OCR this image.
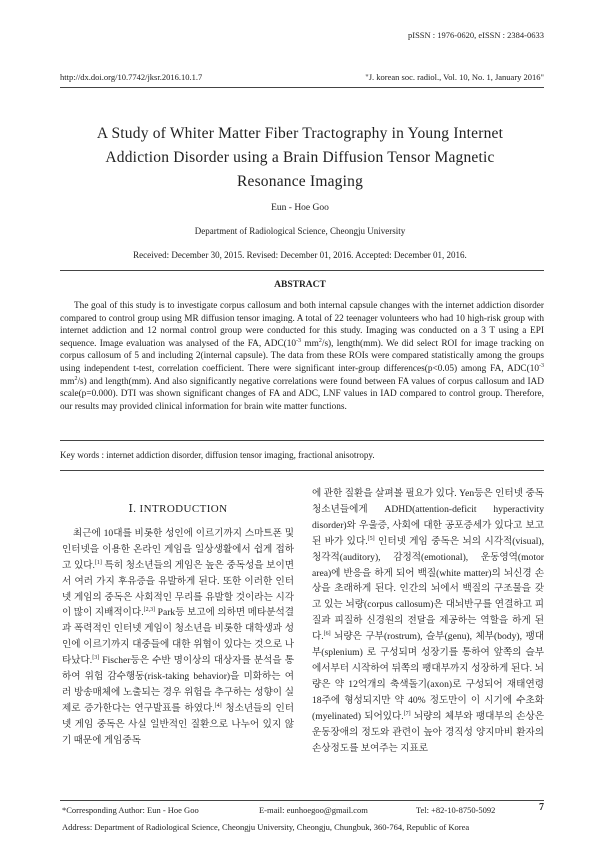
pISSN : 1976-0620, eISSN : 2384-0633
http://dx.doi.org/10.7742/jksr.2016.10.1.7	"J. korean soc. radiol., Vol. 10, No. 1, January 2016"
A Study of Whiter Matter Fiber Tractography in Young Internet Addiction Disorder using a Brain Diffusion Tensor Magnetic Resonance Imaging
Eun - Hoe Goo
Department of Radiological Science, Cheongju University
Received: December 30, 2015. Revised: December 01, 2016. Accepted: December 01, 2016.
ABSTRACT
The goal of this study is to investigate corpus callosum and both internal capsule changes with the internet addiction disorder compared to control group using MR diffusion tensor imaging. A total of 22 teenager volunteers who had 10 high-risk group with internet addiction and 12 normal control group were conducted for this study. Imaging was conducted on a 3 T using a EPI sequence. Image evaluation was analysed of the FA, $ADC(10^{-3}$ $mm^2/s$), length(mm). We did select ROI for image tracking on corpus callosum of 5 and including 2(internal capsule). The data from these ROIs were compared statistically among the groups using independent t-test, correlation coefficient. There were significant inter-group differences(p<0.05) among FA, $ADC(10^{-3}$ $mm^2/s$) and length(mm). And also significantly negative correlations were found between FA values of corpus callosum and IAD scale(p=0.000). DTI was shown significant changes of FA and ADC, LNF values in IAD compared to control group. Therefore, our results may provided clinical information for brain wite matter functions.
Key words : internet addiction disorder, diffusion tensor imaging, fractional anisotropy.
Ⅰ. INTRODUCTION
최근에 10대를 비롯한 성인에 이르기까지 스마트폰 및 인터넷을 이용한 온라인 게임을 일상생활에서 쉽게 접하고 있다.[1] 특히 청소년들의 게임은 높은 중독성을 보이면서 여러 가지 후유증을 유발하게 된다. 또한 이러한 인터넷 게임의 중독은 사회적인 무리를 유발할 것이라는 시각이 많이 지배적이다.[2,3] Park등 보고에 의하면 메타분석결과 폭력적인 인터넷 게임이 청소년을 비롯한 대학생과 성인에 이르기까지 대중들에 대한 위협이 있다는 것으로 나타났다.[3] Fischer등은 수반 명이상의 대상자를 분석을 통하여 위험 감수행동(risk-taking behavior)을 미화하는 여러 방송매체에 노출되는 경우 위험을 추구하는 성향이 실제로 증가한다는 연구발표를 하였다.[4] 청소년들의 인터넷 게임 중독은 사실 일반적인 질환으로 나누어 있지 않기 때문에 게임중독
에 관한 질환을 살펴볼 필요가 있다. Yen등은 인터넷 중독 청소년들에게 ADHD(attention-deficit hyperactivity disorder)와 우울증, 사회에 대한 공포증세가 있다고 보고된 바가 있다.[5] 인터넷 게임 중독은 뇌의 시각적(visual), 청각적(auditory), 감정적(emotional), 운동영역(motor area)에 반응을 하게 되어 백질(white matter)의 뇌신경 손상을 초래하게 된다. 인간의 뇌에서 백질의 구조물을 갖고 있는 뇌량(corpus callosum)은 대뇌반구를 연결하고 피질과 피질하 신경원의 전달을 제공하는 역할을 하게 된다.[6] 뇌량은 구부(rostrum), 슬부(genu), 체부(body), 팽대부(splenium) 로 구성되며 성장기를 통하여 앞쪽의 슬부에서부터 시작하여 뒤쪽의 팽대부까지 성장하게 된다. 뇌량은 약 12억개의 축색돌기(axon)로 구성되어 재태연령 18주에 형성되지만 약 40% 정도만이 이 시기에 수초화(myelinated) 되어있다.[7] 뇌량의 체부와 팽대부의 손상은 운동장애의 정도와 관련이 높아 경직성 양지마비 환자의 손상정도를 보여주는 지표로
*Corresponding Author: Eun - Hoe Goo	E-mail: eunhoegoo@gmail.com	Tel: +82-10-8750-5092
Address: Department of Radiological Science, Cheongju University, Cheongju, Chungbuk, 360-764, Republic of Korea
7
